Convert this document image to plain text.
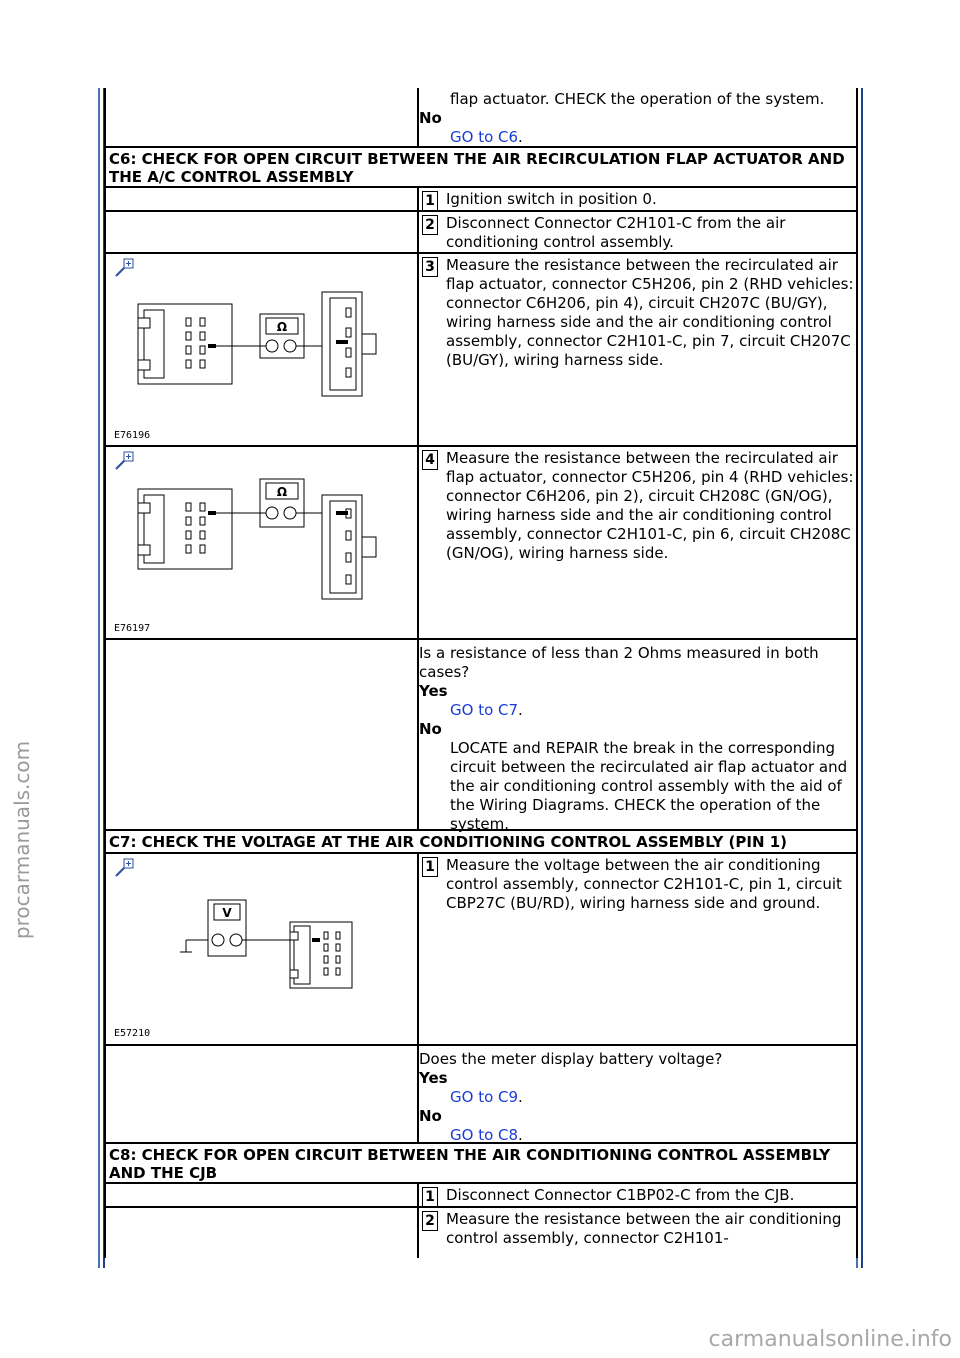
procarmanuals.com
carmanualsonline.info
flap actuator. CHECK the operation of the system.
No
GO to C6.
C6: CHECK FOR OPEN CIRCUIT BETWEEN THE AIR RECIRCULATION FLAP ACTUATOR AND THE A/C CONTROL ASSEMBLY
1 Ignition switch in position 0.
2 Disconnect Connector C2H101-C from the air conditioning control assembly.
Ω
E76196
3 Measure the resistance between the recirculated air flap actuator, connector C5H206, pin 2 (RHD vehicles: connector C6H206, pin 4), circuit CH207C (BU/GY), wiring harness side and the air conditioning control assembly, connector C2H101-C, pin 7, circuit CH207C (BU/GY), wiring harness side.
Ω
E76197
4 Measure the resistance between the recirculated air flap actuator, connector C5H206, pin 4 (RHD vehicles: connector C6H206, pin 2), circuit CH208C (GN/OG), wiring harness side and the air conditioning control assembly, connector C2H101-C, pin 6, circuit CH208C (GN/OG), wiring harness side.
Is a resistance of less than 2 Ohms measured in both cases?
Yes
GO to C7.
No
LOCATE and REPAIR the break in the corresponding circuit between the recirculated air flap actuator and the air conditioning control assembly with the aid of the Wiring Diagrams. CHECK the operation of the system.
C7: CHECK THE VOLTAGE AT THE AIR CONDITIONING CONTROL ASSEMBLY (PIN 1)
V
E57210
1 Measure the voltage between the air conditioning control assembly, connector C2H101-C, pin 1, circuit CBP27C (BU/RD), wiring harness side and ground.
Does the meter display battery voltage?
Yes
GO to C9.
No
GO to C8.
C8: CHECK FOR OPEN CIRCUIT BETWEEN THE AIR CONDITIONING CONTROL ASSEMBLY AND THE CJB
1 Disconnect Connector C1BP02-C from the CJB.
2 Measure the resistance between the air conditioning control assembly, connector C2H101-
